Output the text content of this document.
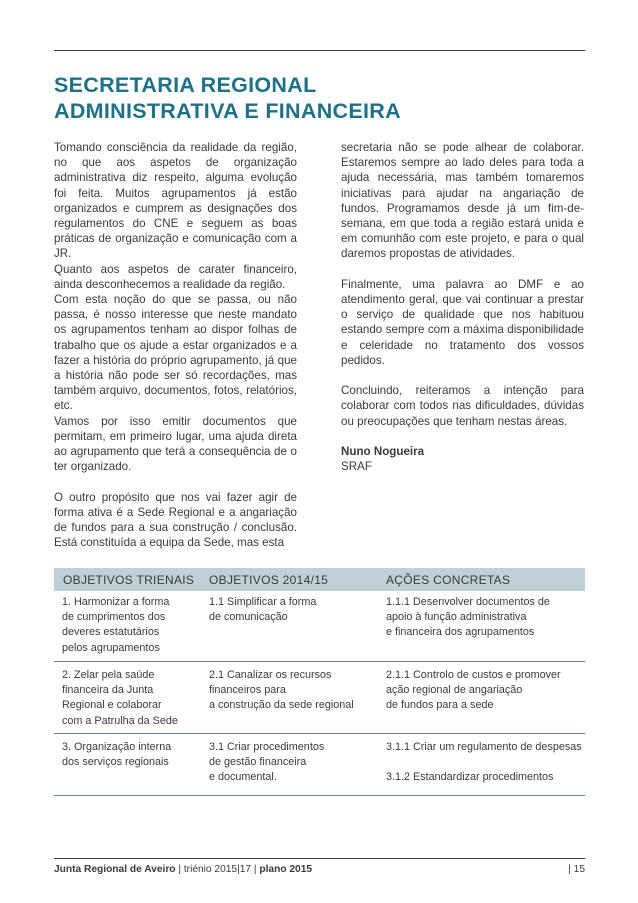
SECRETARIA REGIONAL
ADMINISTRATIVA E FINANCEIRA

Tomando consciência da realidade da região, no que aos aspetos de organização administrativa diz respeito, alguma evolução foi feita. Muitos agrupamentos já estão organizados e cumprem as designações dos regulamentos do CNE e seguem as boas práticas de organização e comunicação com a JR.

Quanto aos aspetos de carater financeiro, ainda desconhecemos a realidade da região.

Com esta noção do que se passa, ou não passa, é nosso interesse que neste mandato os agrupamentos tenham ao dispor folhas de trabalho que os ajude a estar organizados e a fazer a história do próprio agrupamento, já que a história não pode ser só recordações, mas também arquivo, documentos, fotos, relatórios, etc.

Vamos por isso emitir documentos que permitam, em primeiro lugar, uma ajuda direta ao agrupamento que terá a consequência de o ter organizado.

O outro propósito que nos vai fazer agir de forma ativa é a Sede Regional e a angariação de fundos para a sua construção / conclusão. Está constituída a equipa da Sede, mas esta

secretaria não se pode alhear de colaborar. Estaremos sempre ao lado deles para toda a ajuda necessária, mas também tomaremos iniciativas para ajudar na angariação de fundos. Programamos desde já um fim-de-semana, em que toda a região estará unida e em comunhão com este projeto, e para o qual daremos propostas de atividades.

Finalmente, uma palavra ao DMF e ao atendimento geral, que vai continuar a prestar o serviço de qualidade que nos habituou estando sempre com a máxima disponibilidade e celeridade no tratamento dos vossos pedidos.

Concluindo, reiteramos a intenção para colaborar com todos nas dificuldades, dúvidas ou preocupações que tenham nestas áreas.

Nuno Nogueira

SRAF

OBJETIVOS TRIENAIS OBJETIVOS 2014/15	AÇÕES CONCRETAS
1. Harmonizar a forma
de cumprimentos dos
deveres estatutários
pelos agrupamentos
1.1 Simplificar a forma
de comunicação
1.1.1 Desenvolver documentos de
apoio à função administrativa
e financeira dos agrupamentos
2. Zelar pela saúde
financeira da Junta
Regional e colaborar
com a Patrulha da Sede
2.1 Canalizar os recursos
financeiros para
a construção da sede regional
2.1.1 Controlo de custos e promover
ação regional de angariação
de fundos para a sede
3. Organização interna
dos serviços regionais
3.1 Criar procedimentos
de gestão financeira
e documental.
3.1.1 Criar um regulamento de despesas
3.1.2 Estandardizar procedimentos
Junta Regional de Aveiro | triénio 2015|17 | plano 2015	| 15
